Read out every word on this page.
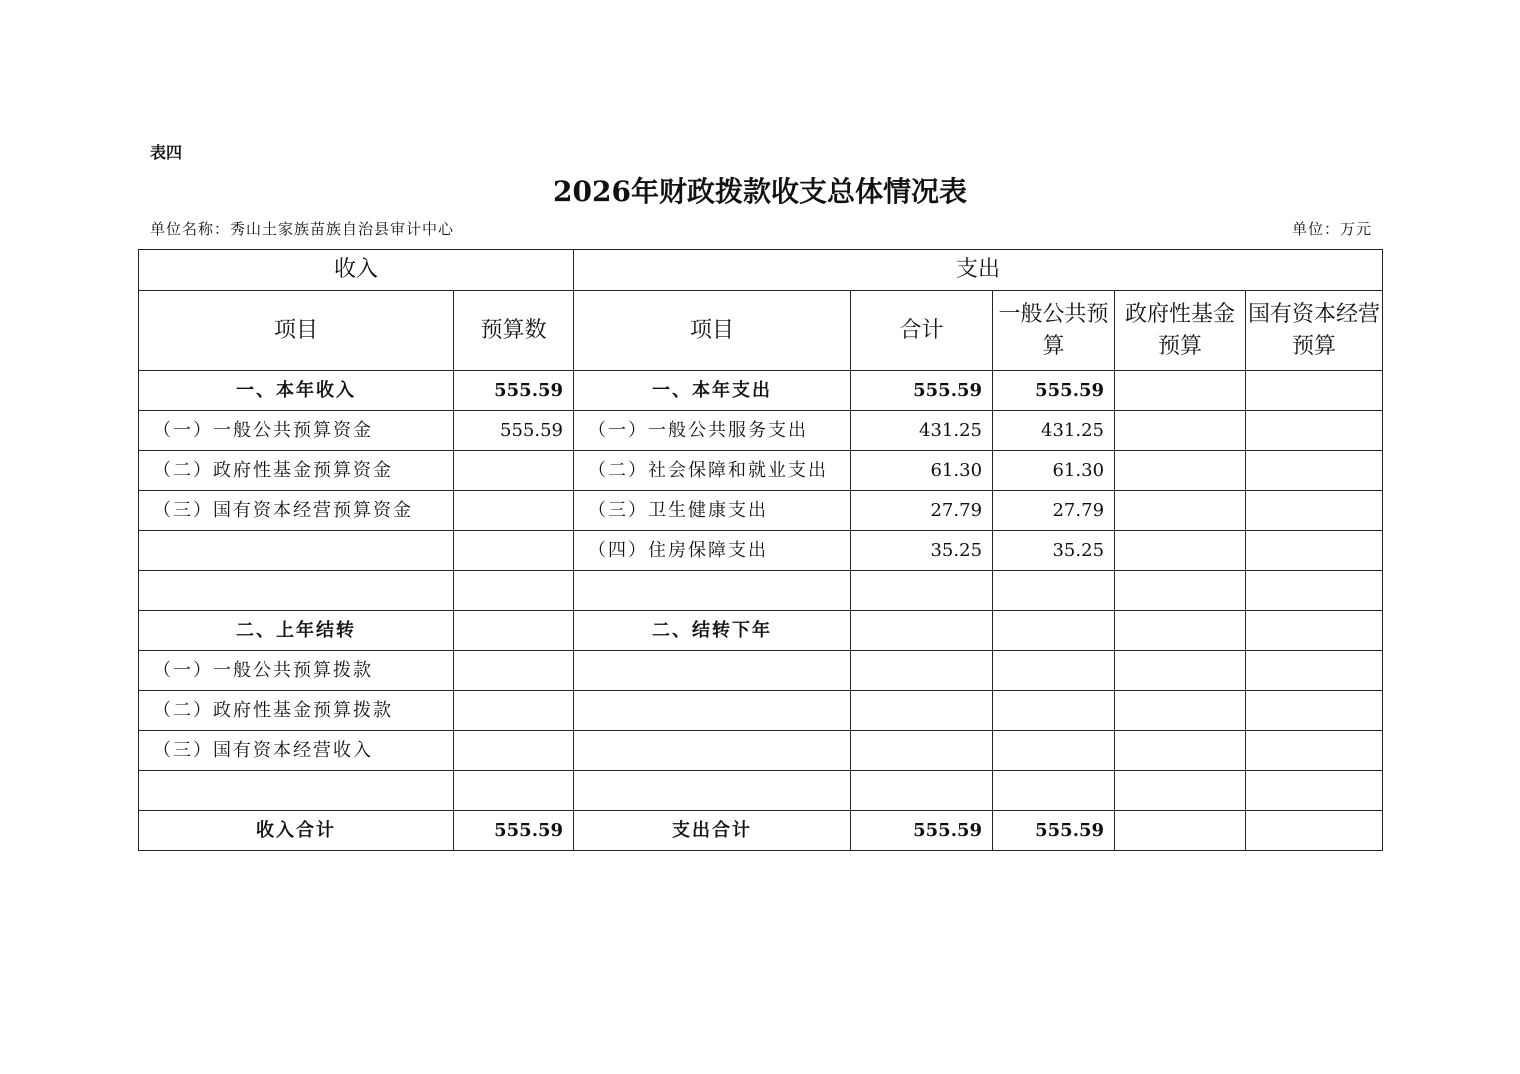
表四
2026年财政拨款收支总体情况表
单位名称：秀山土家族苗族自治县审计中心	单位：万元
收入		支出				
项目	预算数	项目	合计	一般公共预算	政府性基金预算	国有资本经营预算
一、本年收入	555.59	一、本年支出	555.59	555.59		
（一）一般公共预算资金	555.59	（一）一般公共服务支出	431.25	431.25		
（二）政府性基金预算资金		（二）社会保障和就业支出	61.30	61.30		
（三）国有资本经营预算资金		（三）卫生健康支出	27.79	27.79		
		（四）住房保障支出	35.25	35.25		

二、上年结转		二、结转下年				
（一）一般公共预算拨款						
（二）政府性基金预算拨款						
（三）国有资本经营收入						

收入合计	555.59	支出合计	555.59	555.59		
